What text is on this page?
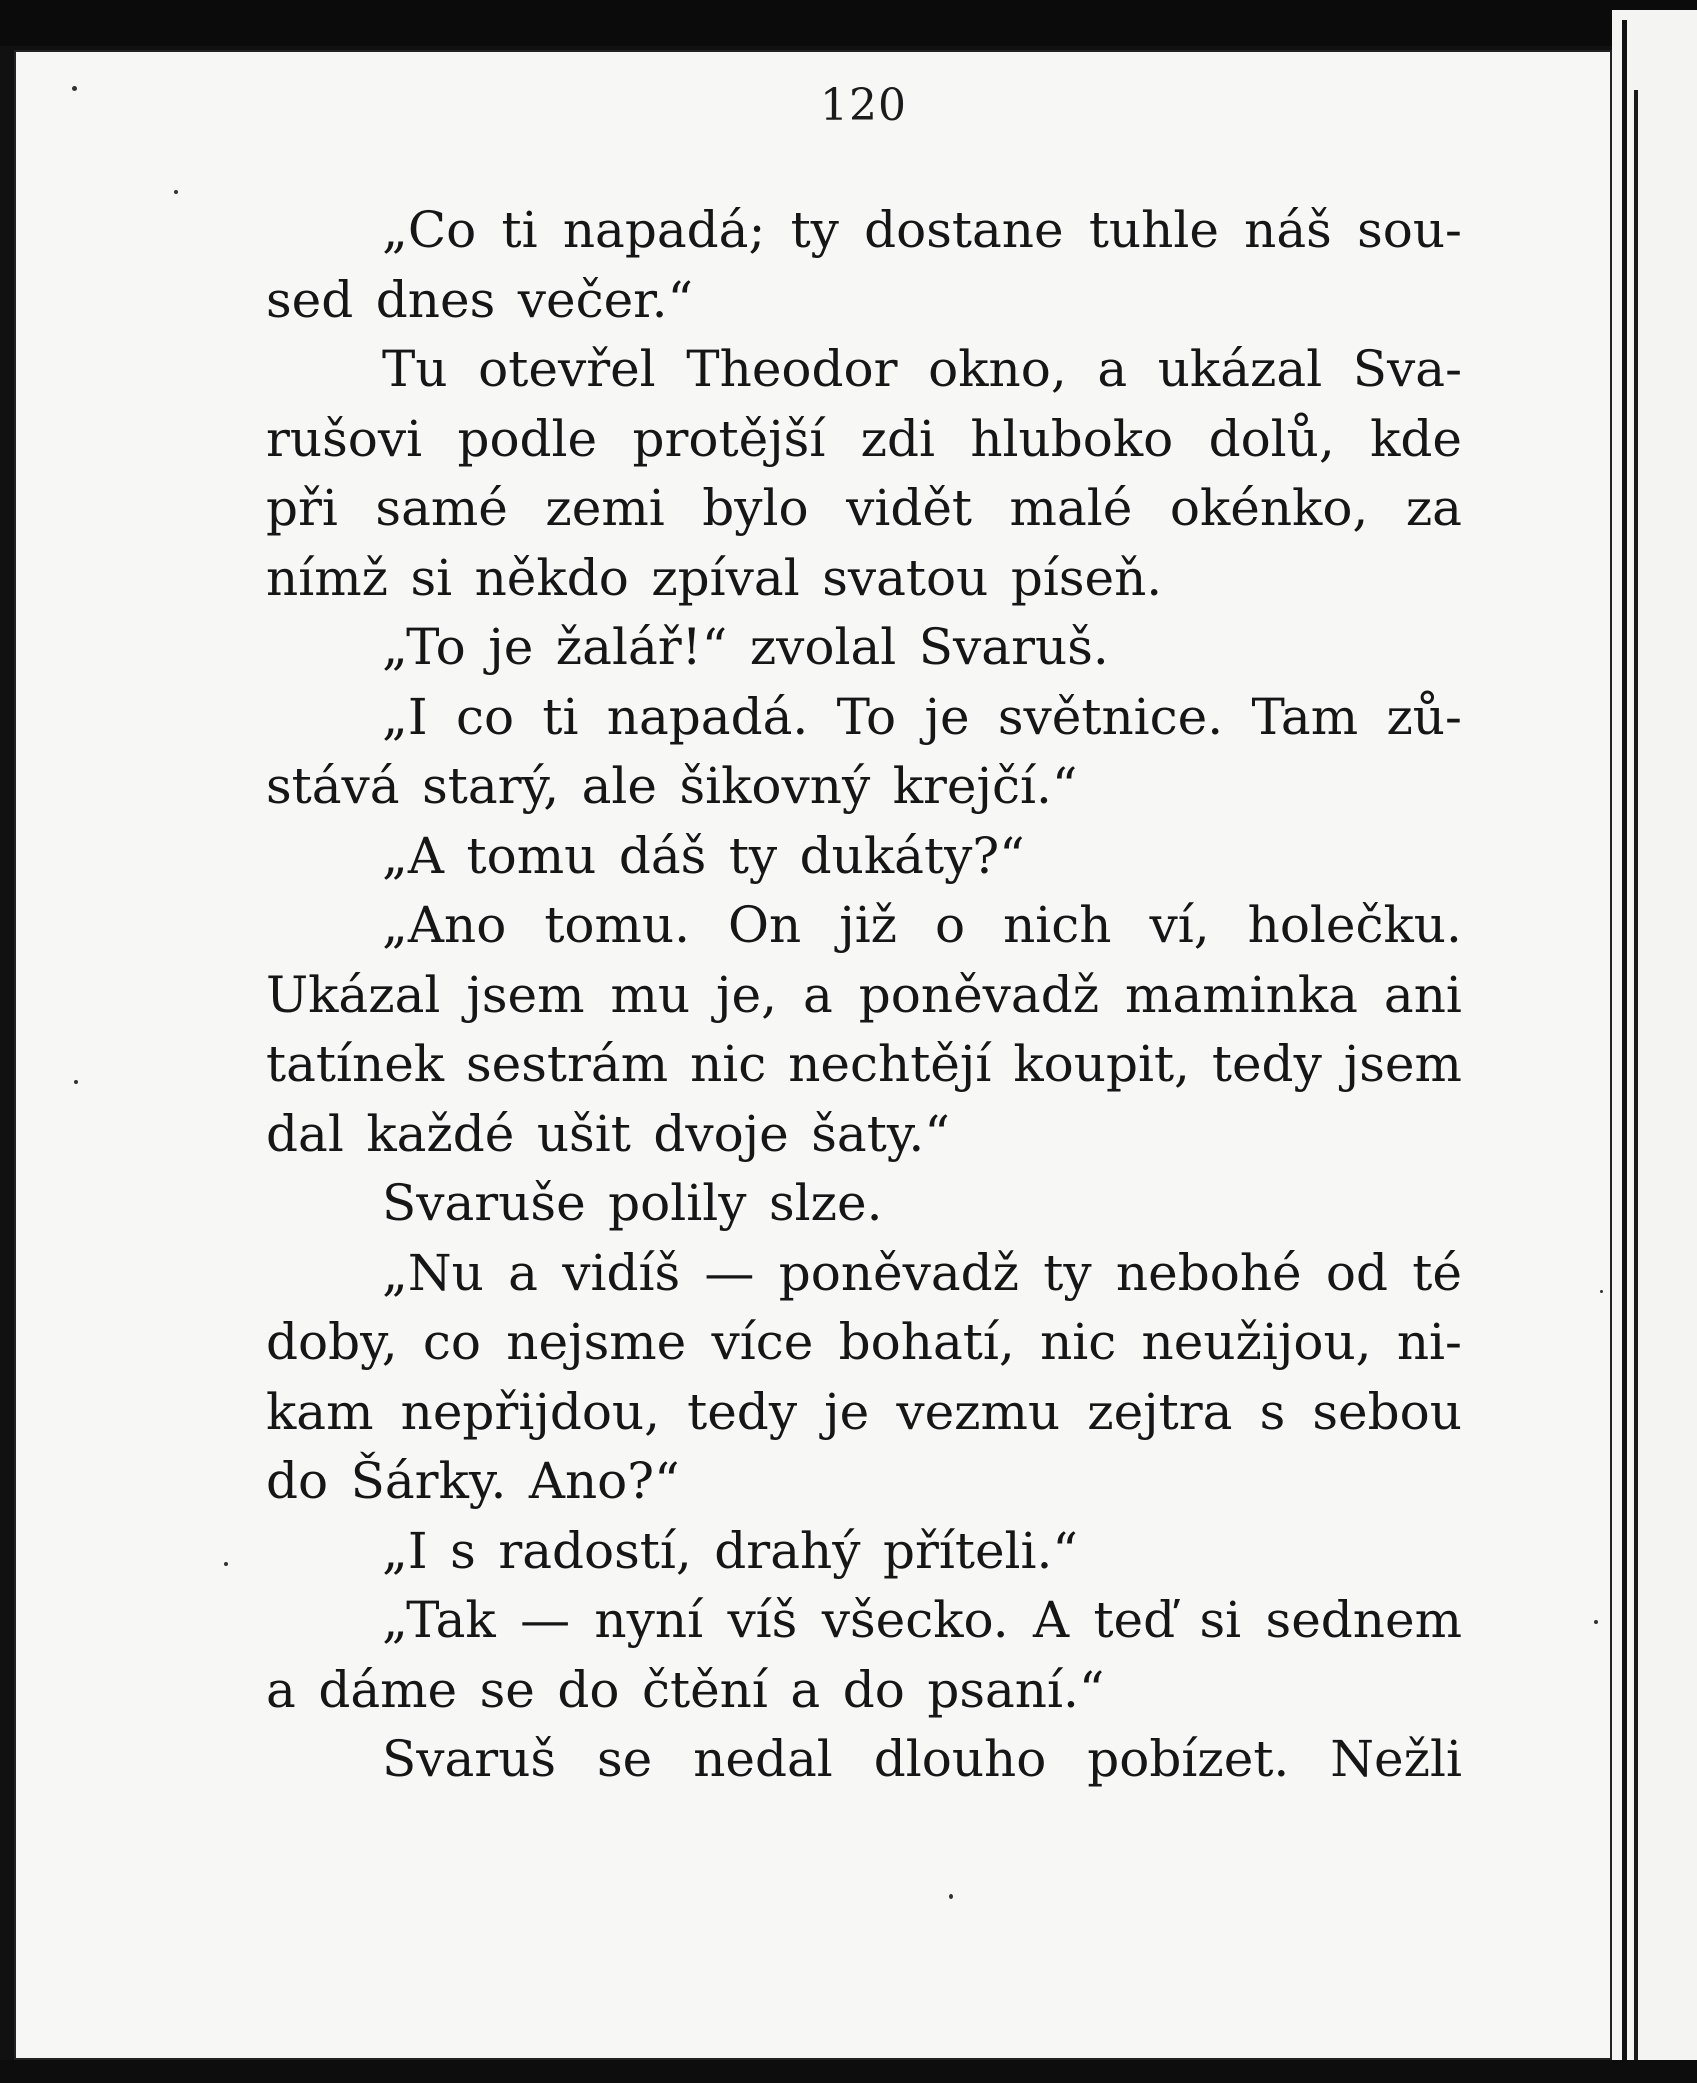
120
„Co ti napadá; ty dostane tuhle náš sou-
sed dnes večer.“
Tu otevřel Theodor okno, a ukázal Sva-
rušovi podle protější zdi hluboko dolů, kde
při samé zemi bylo vidět malé okénko, za
nímž si někdo zpíval svatou píseň.
„To je žalář!“ zvolal Svaruš.
„I co ti napadá. To je světnice. Tam zů-
stává starý, ale šikovný krejčí.“
„A tomu dáš ty dukáty?“
„Ano tomu. On již o nich ví, holečku.
Ukázal jsem mu je, a poněvadž maminka ani
tatínek sestrám nic nechtějí koupit, tedy jsem
dal každé ušit dvoje šaty.“
Svaruše polily slze.
„Nu a vidíš — poněvadž ty nebohé od té
doby, co nejsme více bohatí, nic neužijou, ni-
kam nepřijdou, tedy je vezmu zejtra s sebou
do Šárky. Ano?“
„I s radostí, drahý příteli.“
„Tak — nyní víš všecko. A teď si sednem
a dáme se do čtění a do psaní.“
Svaruš se nedal dlouho pobízet. Nežli
